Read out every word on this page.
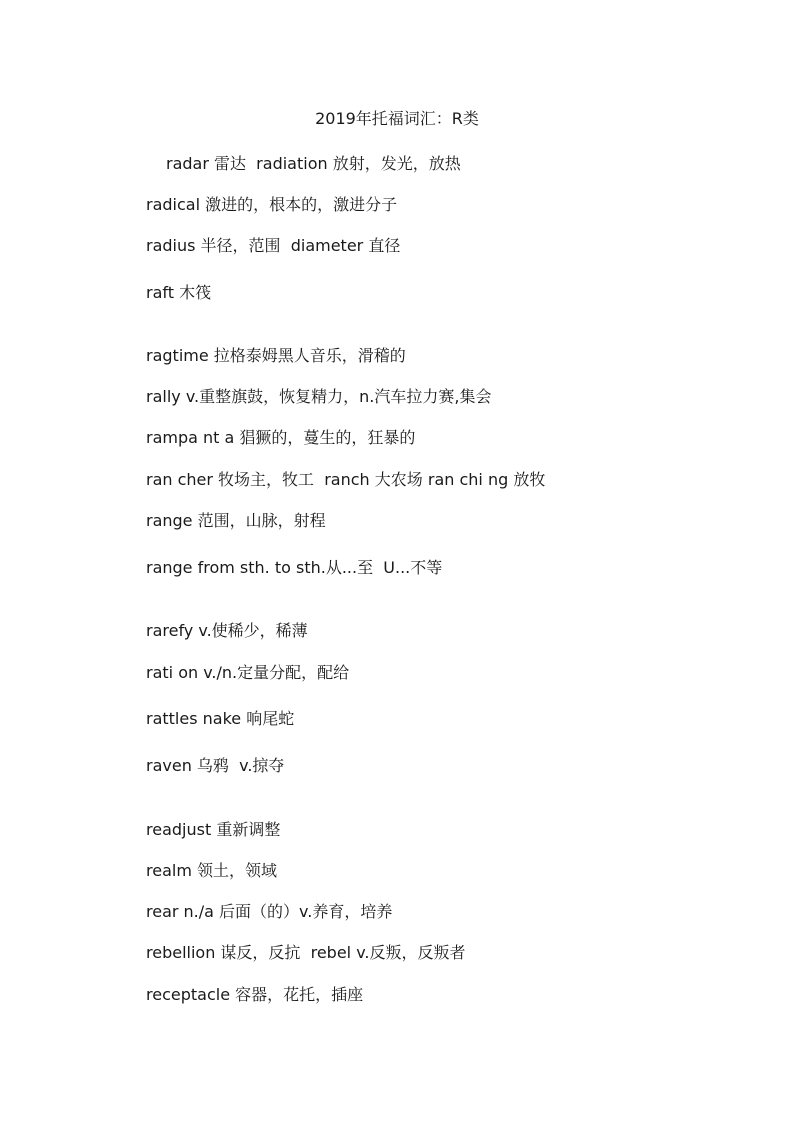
2019年托福词汇：R类
radar 雷达  radiation 放射，发光，放热
radical 激进的，根本的，激进分子
radius 半径，范围  diameter 直径
raft 木筏
ragtime 拉格泰姆黑人音乐，滑稽的
rally v.重整旗鼓，恢复精力，n.汽车拉力赛,集会
rampa nt a 猖獗的，蔓生的，狂暴的
ran cher 牧场主，牧工  ranch 大农场 ran chi ng 放牧
range 范围，山脉，射程
range from sth. to sth.从...至  U...不等
rarefy v.使稀少，稀薄
rati on v./n.定量分配，配给
rattles nake 响尾蛇
raven 乌鸦  v.掠夺
readjust 重新调整
realm 领土，领域
rear n./a 后面（的）v.养育，培养
rebellion 谋反，反抗  rebel v.反叛，反叛者
receptacle 容器，花托，插座
